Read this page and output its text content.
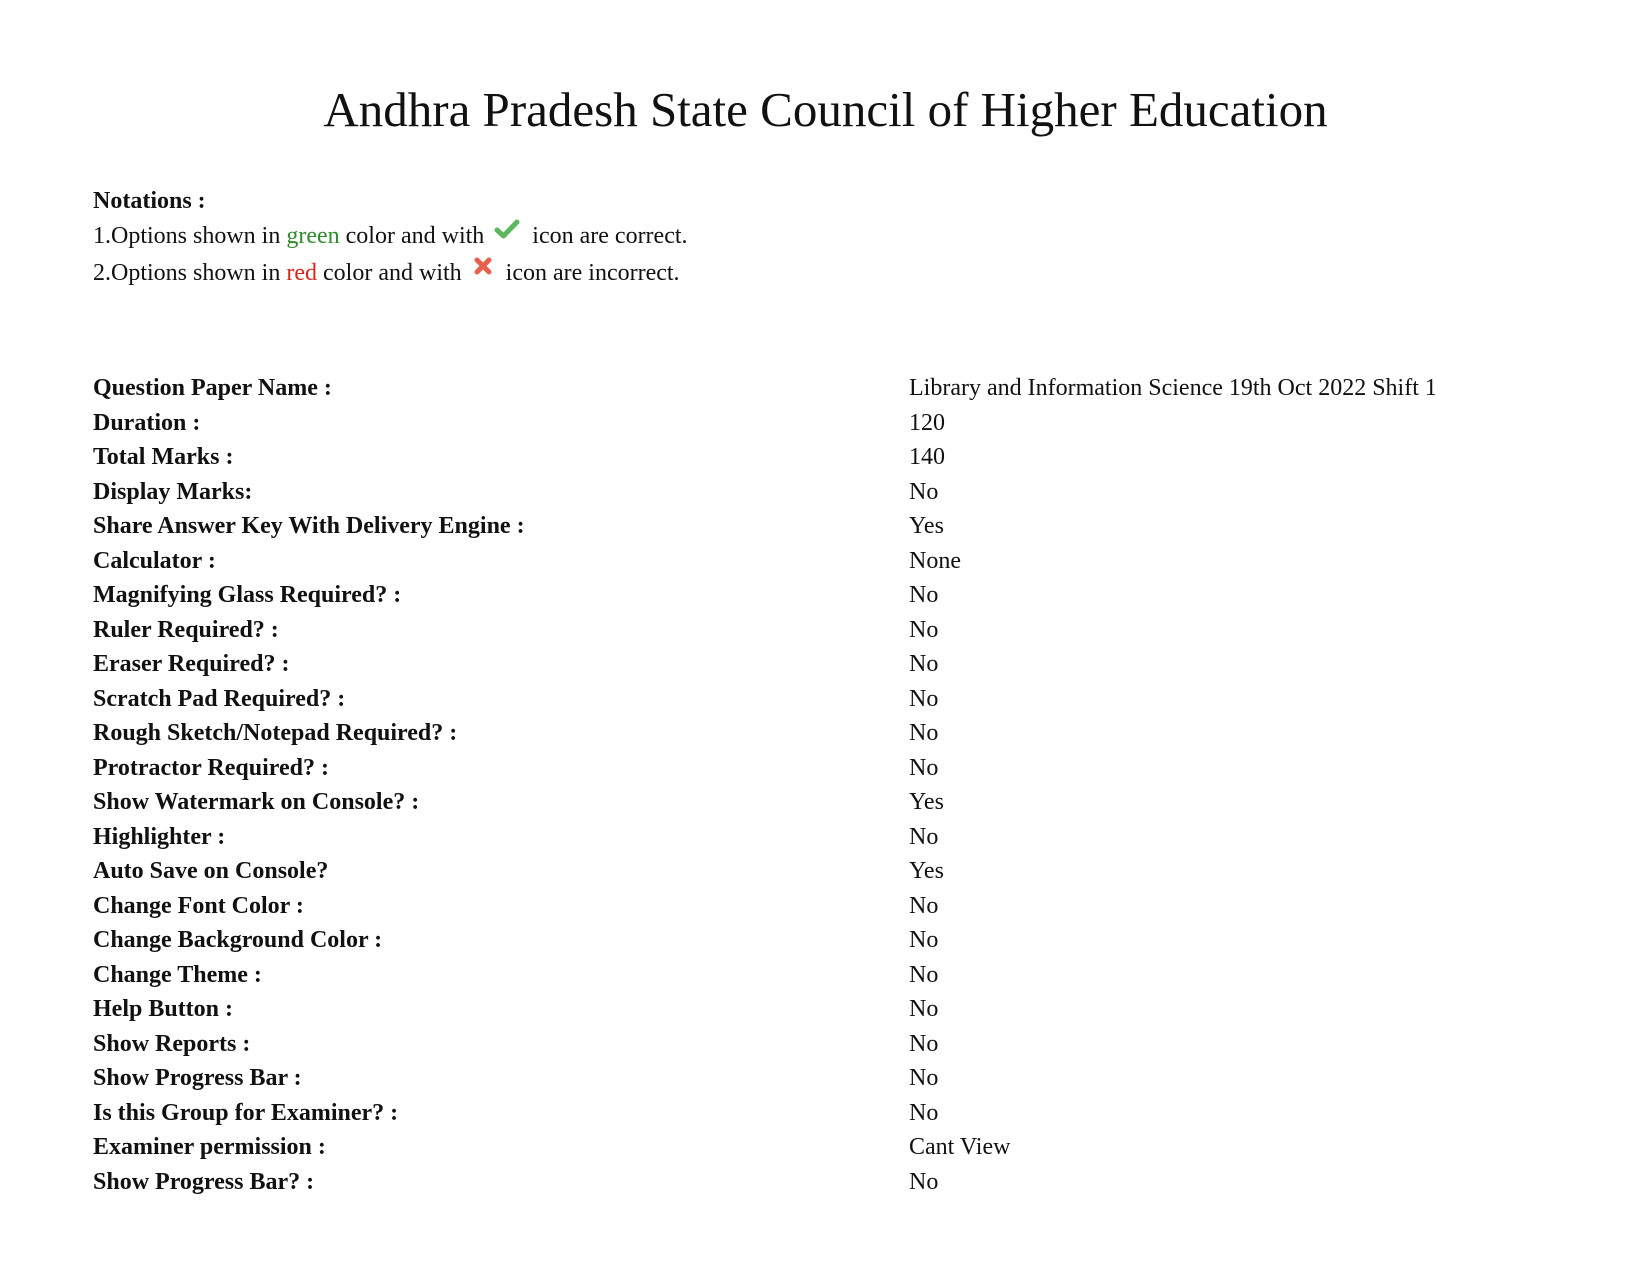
Andhra Pradesh State Council of Higher Education
Notations :
1.Options shown in green color and with
icon are correct.
2.Options shown in red color and with
icon are incorrect.
Question Paper Name :	Library and Information Science 19th Oct 2022 Shift 1
Duration :	120
Total Marks :	140
Display Marks:	No
Share Answer Key With Delivery Engine :	Yes
Calculator :	None
Magnifying Glass Required? :	No
Ruler Required? :	No
Eraser Required? :	No
Scratch Pad Required? :	No
Rough Sketch/Notepad Required? :	No
Protractor Required? :	No
Show Watermark on Console? :	Yes
Highlighter :	No
Auto Save on Console?	Yes
Change Font Color :	No
Change Background Color :	No
Change Theme :	No
Help Button :	No
Show Reports :	No
Show Progress Bar :	No
Is this Group for Examiner? :	No
Examiner permission :	Cant View
Show Progress Bar? :	No
